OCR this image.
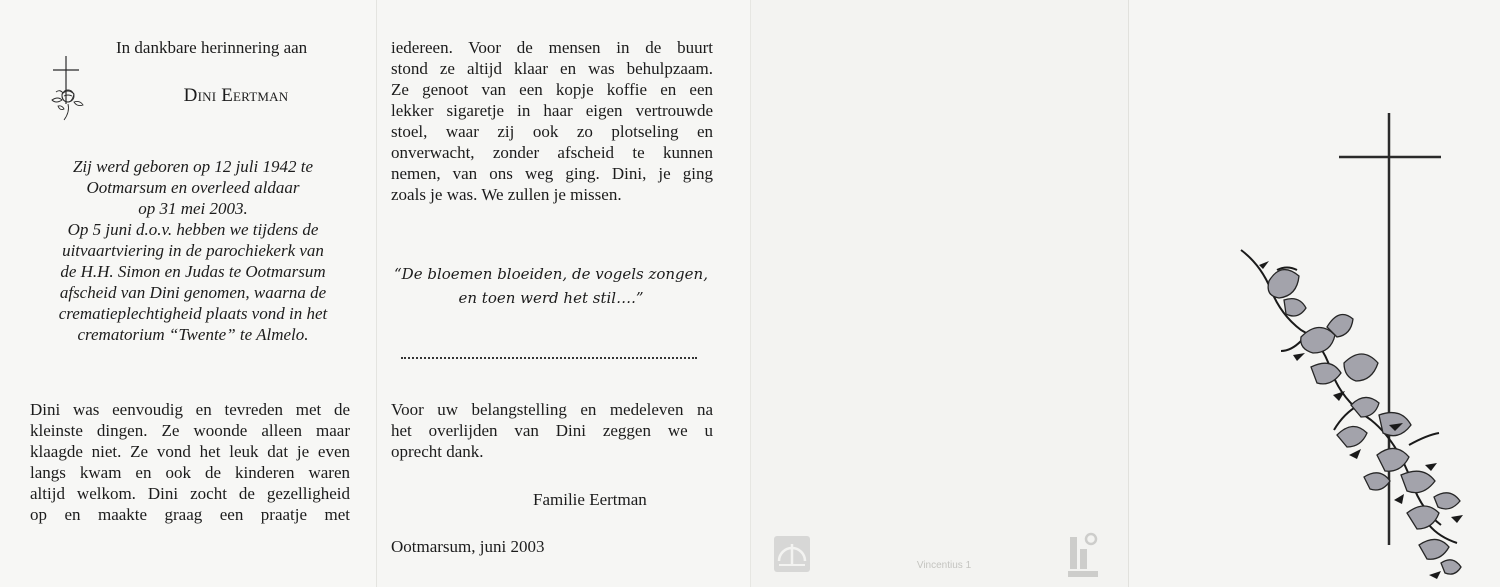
In dankbare herinnering aan

Dini Eertman

Zij werd geboren op 12 juli 1942 te
Ootmarsum en overleed aldaar
op 31 mei 2003.
Op 5 juni d.o.v. hebben we tijdens de
uitvaartviering in de parochiekerk van
de H.H. Simon en Judas te Ootmarsum
afscheid van Dini genomen, waarna de
crematieplechtigheid plaats vond in het
crematorium “Twente” te Almelo.
Dini was eenvoudig en tevreden met de
kleinste dingen. Ze woonde alleen maar
klaagde niet. Ze vond het leuk dat je even
langs kwam en ook de kinderen waren
altijd welkom. Dini zocht de gezelligheid
op en maakte graag een praatje met
iedereen. Voor de mensen in de buurt
stond ze altijd klaar en was behulpzaam.
Ze genoot van een kopje koffie en een
lekker sigaretje in haar eigen vertrouwde
stoel, waar zij ook zo plotseling en
onverwacht, zonder afscheid te kunnen
nemen, van ons weg ging. Dini, je ging
zoals je was. We zullen je missen.
“De bloemen bloeiden, de vogels zongen,
en toen werd het stil….”
Voor uw belangstelling en medeleven na
het overlijden van Dini zeggen we u
oprecht dank.

Familie Eertman

Ootmarsum, juni 2003

Vincentius 1
